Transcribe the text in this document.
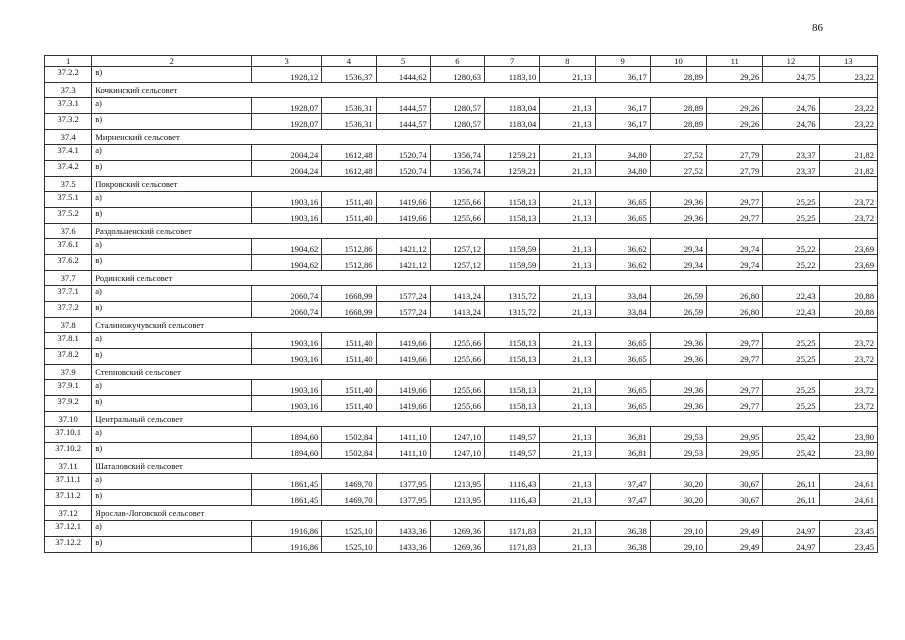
86
1	2	3	4	5	6	7	8	9	10	11	12	13
37.2.2	в)	1928,12	1536,37	1444,62	1280,63	1183,10	21,13	36,17	28,89	29,26	24,75	23,22
37.3	Кочкинский сельсовет											
37.3.1	а)	1928,07	1536,31	1444,57	1280,57	1183,04	21,13	36,17	28,89	29,26	24,76	23,22
37.3.2	в)	1928,07	1536,31	1444,57	1280,57	1183,04	21,13	36,17	28,89	29,26	24,76	23,22
37.4	Мирненский сельсовет											
37.4.1	а)	2004,24	1612,48	1520,74	1356,74	1259,21	21,13	34,80	27,52	27,79	23,37	21,82
37.4.2	в)	2004,24	1612,48	1520,74	1356,74	1259,21	21,13	34,80	27,52	27,79	23,37	21,82
37.5	Покровский сельсовет											
37.5.1	а)	1903,16	1511,40	1419,66	1255,66	1158,13	21,13	36,65	29,36	29,77	25,25	23,72
37.5.2	в)	1903,16	1511,40	1419,66	1255,66	1158,13	21,13	36,65	29,36	29,77	25,25	23,72
37.6	Раздольненский сельсовет											
37.6.1	а)	1904,62	1512,86	1421,12	1257,12	1159,59	21,13	36,62	29,34	29,74	25,22	23,69
37.6.2	в)	1904,62	1512,86	1421,12	1257,12	1159,59	21,13	36,62	29,34	29,74	25,22	23,69
37.7	Родинский сельсовет											
37.7.1	а)	2060,74	1668,99	1577,24	1413,24	1315,72	21,13	33,84	26,59	26,80	22,43	20,88
37.7.2	в)	2060,74	1668,99	1577,24	1413,24	1315,72	21,13	33,84	26,59	26,80	22,43	20,88
37.8	Сталиножучувский сельсовет											
37.8.1	а)	1903,16	1511,40	1419,66	1255,66	1158,13	21,13	36,65	29,36	29,77	25,25	23,72
37.8.2	в)	1903,16	1511,40	1419,66	1255,66	1158,13	21,13	36,65	29,36	29,77	25,25	23,72
37.9	Степновский сельсовет											
37.9.1	а)	1903,16	1511,40	1419,66	1255,66	1158,13	21,13	36,65	29,36	29,77	25,25	23,72
37.9.2	в)	1903,16	1511,40	1419,66	1255,66	1158,13	21,13	36,65	29,36	29,77	25,25	23,72
37.10	Центральный сельсовет											
37.10.1	а)	1894,60	1502,84	1411,10	1247,10	1149,57	21,13	36,81	29,53	29,95	25,42	23,90
37.10.2	в)	1894,60	1502,84	1411,10	1247,10	1149,57	21,13	36,81	29,53	29,95	25,42	23,90
37.11	Шаталовский сельсовет											
37.11.1	а)	1861,45	1469,70	1377,95	1213,95	1116,43	21,13	37,47	30,20	30,67	26,11	24,61
37.11.2	в)	1861,45	1469,70	1377,95	1213,95	1116,43	21,13	37,47	30,20	30,67	26,11	24,61
37.12	Ярослав-Логовской сельсовет											
37.12.1	а)	1916,86	1525,10	1433,36	1269,36	1171,83	21,13	36,38	29,10	29,49	24,97	23,45
37.12.2	в)	1916,86	1525,10	1433,36	1269,36	1171,83	21,13	36,38	29,10	29,49	24,97	23,45
